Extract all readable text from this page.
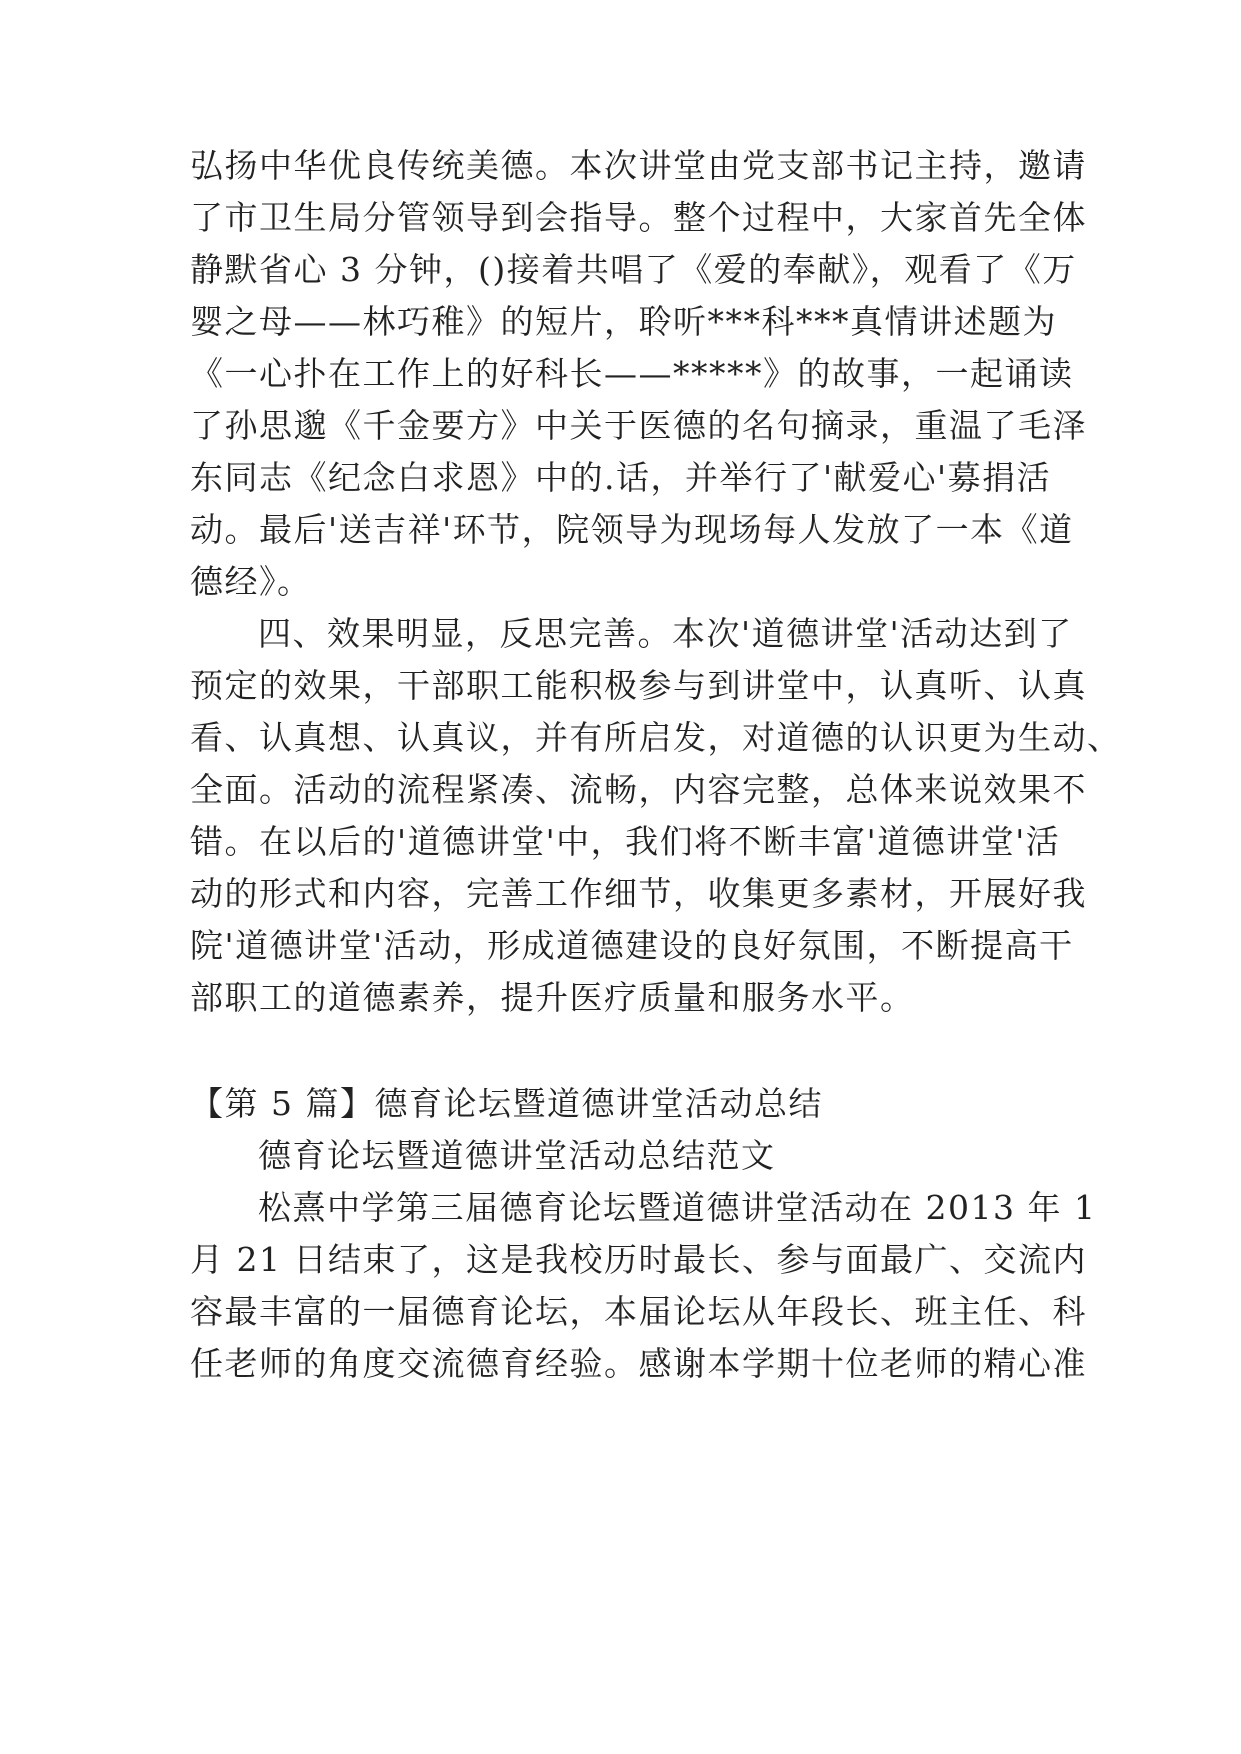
弘扬中华优良传统美德。本次讲堂由党支部书记主持，邀请

了市卫生局分管领导到会指导。整个过程中，大家首先全体

静默省心 3 分钟，()接着共唱了《爱的奉献》，观看了《万

婴之母——林巧稚》的短片，聆听***科***真情讲述题为

《一心扑在工作上的好科长——*****》的故事，一起诵读

了孙思邈《千金要方》中关于医德的名句摘录，重温了毛泽

东同志《纪念白求恩》中的.话，并举行了'献爱心'募捐活

动。最后'送吉祥'环节，院领导为现场每人发放了一本《道

德经》。

四、效果明显，反思完善。本次'道德讲堂'活动达到了

预定的效果，干部职工能积极参与到讲堂中，认真听、认真

看、认真想、认真议，并有所启发，对道德的认识更为生动、

全面。活动的流程紧凑、流畅，内容完整，总体来说效果不

错。在以后的'道德讲堂'中，我们将不断丰富'道德讲堂'活

动的形式和内容，完善工作细节，收集更多素材，开展好我

院'道德讲堂'活动，形成道德建设的良好氛围，不断提高干

部职工的道德素养，提升医疗质量和服务水平。

【第 5 篇】德育论坛暨道德讲堂活动总结

德育论坛暨道德讲堂活动总结范文

松熹中学第三届德育论坛暨道德讲堂活动在 2013 年 1

月 21 日结束了，这是我校历时最长、参与面最广、交流内

容最丰富的一届德育论坛，本届论坛从年段长、班主任、科

任老师的角度交流德育经验。感谢本学期十位老师的精心准
